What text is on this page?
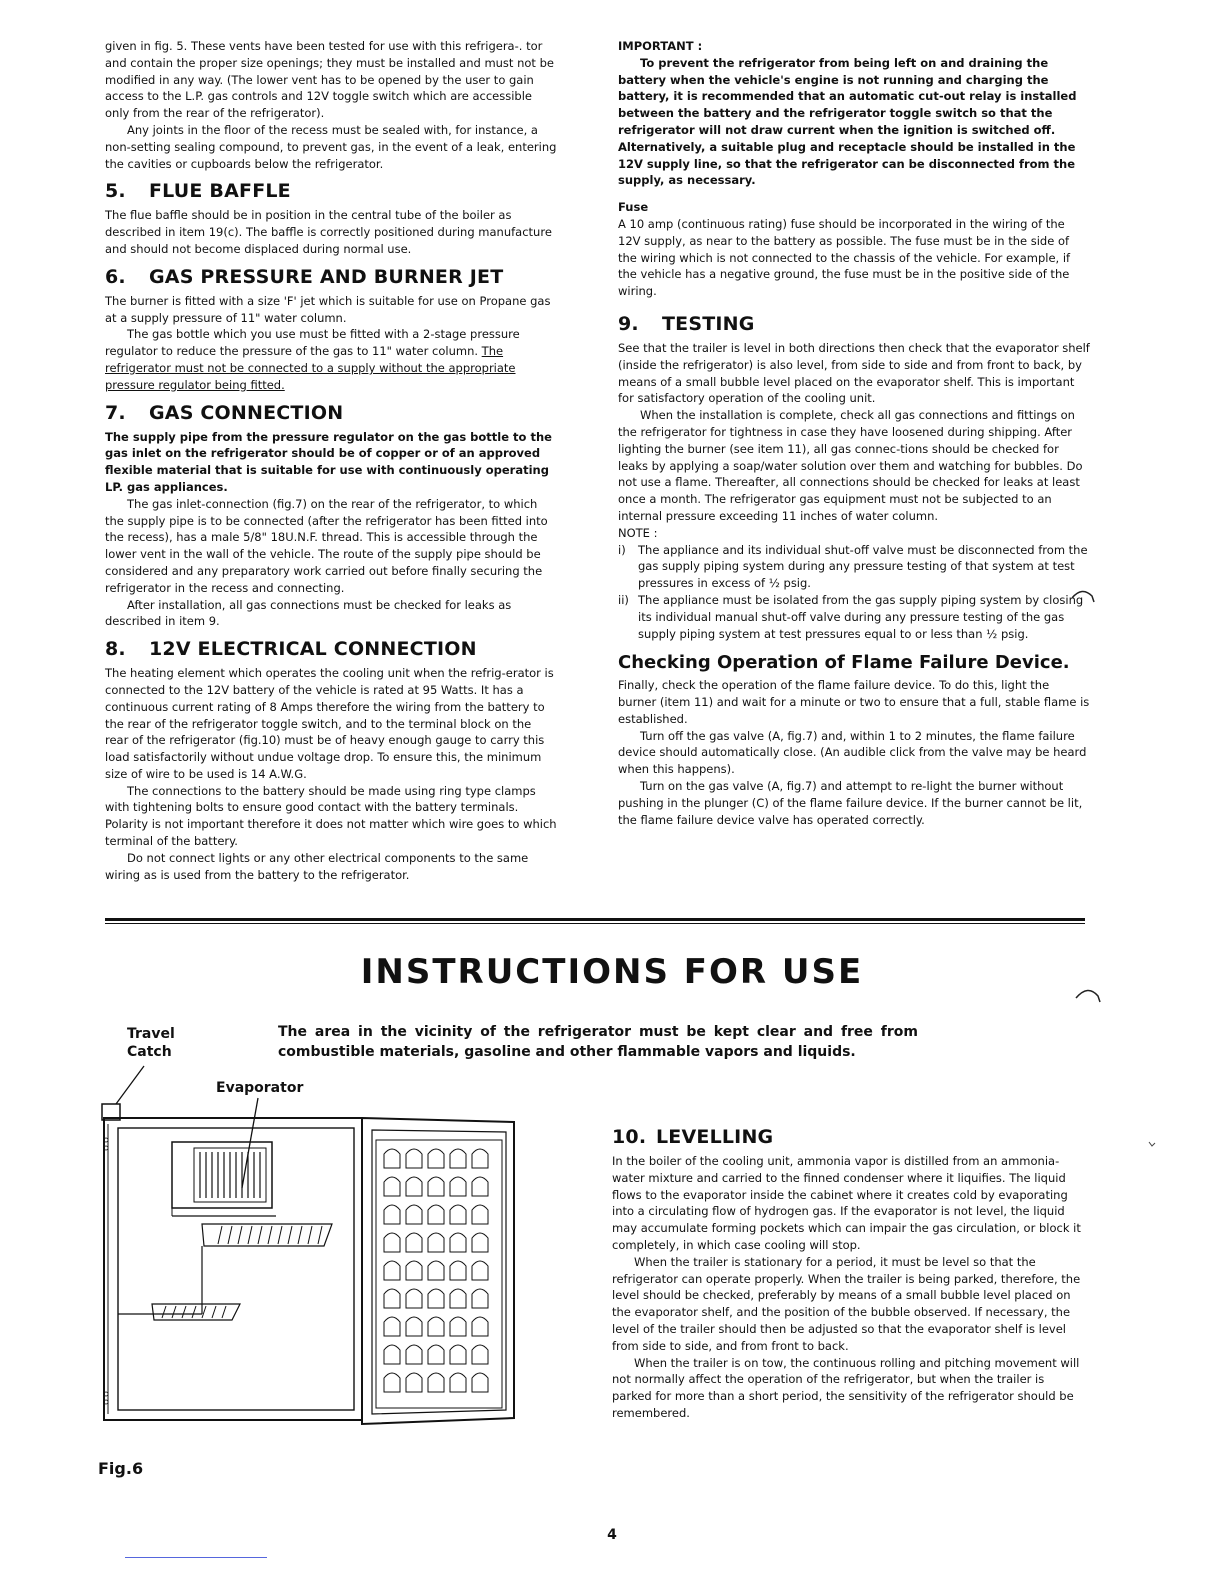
given in fig. 5. These vents have been tested for use with this refrigera-. tor and contain the proper size openings; they must be installed and must not be modified in any way. (The lower vent has to be opened by the user to gain access to the L.P. gas controls and 12V toggle switch which are accessible only from the rear of the refrigerator).

Any joints in the floor of the recess must be sealed with, for instance, a non-setting sealing compound, to prevent gas, in the event of a leak, entering the cavities or cupboards below the refrigerator.

5. FLUE BAFFLE

The flue baffle should be in position in the central tube of the boiler as described in item 19(c). The baffle is correctly positioned during manufacture and should not become displaced during normal use.

6. GAS PRESSURE AND BURNER JET

The burner is fitted with a size 'F' jet which is suitable for use on Propane gas at a supply pressure of 11" water column.

The gas bottle which you use must be fitted with a 2-stage pressure regulator to reduce the pressure of the gas to 11" water column. The refrigerator must not be connected to a supply without the appropriate pressure regulator being fitted.

7. GAS CONNECTION

The supply pipe from the pressure regulator on the gas bottle to the gas inlet on the refrigerator should be of copper or of an approved flexible material that is suitable for use with continuously operating LP. gas appliances.

The gas inlet-connection (fig.7) on the rear of the refrigerator, to which the supply pipe is to be connected (after the refrigerator has been fitted into the recess), has a male 5/8" 18U.N.F. thread. This is accessible through the lower vent in the wall of the vehicle. The route of the supply pipe should be considered and any preparatory work carried out before finally securing the refrigerator in the recess and connecting.

After installation, all gas connections must be checked for leaks as described in item 9.

8. 12V ELECTRICAL CONNECTION

The heating element which operates the cooling unit when the refrig-erator is connected to the 12V battery of the vehicle is rated at 95 Watts. It has a continuous current rating of 8 Amps therefore the wiring from the battery to the rear of the refrigerator toggle switch, and to the terminal block on the rear of the refrigerator (fig.10) must be of heavy enough gauge to carry this load satisfactorily without undue voltage drop. To ensure this, the minimum size of wire to be used is 14 A.W.G.

The connections to the battery should be made using ring type clamps with tightening bolts to ensure good contact with the battery terminals. Polarity is not important therefore it does not matter which wire goes to which terminal of the battery.

Do not connect lights or any other electrical components to the same wiring as is used from the battery to the refrigerator.

IMPORTANT :

To prevent the refrigerator from being left on and draining the battery when the vehicle's engine is not running and charging the battery, it is recommended that an automatic cut-out relay is installed between the battery and the refrigerator toggle switch so that the refrigerator will not draw current when the ignition is switched off. Alternatively, a suitable plug and receptacle should be installed in the 12V supply line, so that the refrigerator can be disconnected from the supply, as necessary.

Fuse

A 10 amp (continuous rating) fuse should be incorporated in the wiring of the 12V supply, as near to the battery as possible. The fuse must be in the side of the wiring which is not connected to the chassis of the vehicle. For example, if the vehicle has a negative ground, the fuse must be in the positive side of the wiring.

9. TESTING

See that the trailer is level in both directions then check that the evaporator shelf (inside the refrigerator) is also level, from side to side and from front to back, by means of a small bubble level placed on the evaporator shelf. This is important for satisfactory operation of the cooling unit.

When the installation is complete, check all gas connections and fittings on the refrigerator for tightness in case they have loosened during shipping. After lighting the burner (see item 11), all gas connec-tions should be checked for leaks by applying a soap/water solution over them and watching for bubbles. Do not use a flame. Thereafter, all connections should be checked for leaks at least once a month. The refrigerator gas equipment must not be subjected to an internal pressure exceeding 11 inches of water column.

NOTE :

i)	The appliance and its individual shut-off valve must be disconnected from the gas supply piping system during any pressure testing of that system at test pressures in excess of ½ psig.
ii) The appliance must be isolated from the gas supply piping system by closing its individual manual shut-off valve during any pressure testing of the gas supply piping system at test pressures equal to or less than ½ psig.
Checking Operation of Flame Failure Device.

Finally, check the operation of the flame failure device. To do this, light the burner (item 11) and wait for a minute or two to ensure that a full, stable flame is established.

Turn off the gas valve (A, fig.7) and, within 1 to 2 minutes, the flame failure device should automatically close. (An audible click from the valve may be heard when this happens).

Turn on the gas valve (A, fig.7) and attempt to re-light the burner without pushing in the plunger (C) of the flame failure device. If the burner cannot be lit, the flame failure device valve has operated correctly.

INSTRUCTIONS FOR USE
Travel
Catch
The area in the vicinity of the refrigerator must be kept clear and free from combustible materials, gasoline and other flammable vapors and liquids.
Evaporator
Fig.6
10. LEVELLING

In the boiler of the cooling unit, ammonia vapor is distilled from an ammonia-water mixture and carried to the finned condenser where it liquifies. The liquid flows to the evaporator inside the cabinet where it creates cold by evaporating into a circulating flow of hydrogen gas. If the evaporator is not level, the liquid may accumulate forming pockets which can impair the gas circulation, or block it completely, in which case cooling will stop.

When the trailer is stationary for a period, it must be level so that the refrigerator can operate properly. When the trailer is being parked, therefore, the level should be checked, preferably by means of a small bubble level placed on the evaporator shelf, and the position of the bubble observed. If necessary, the level of the trailer should then be adjusted so that the evaporator shelf is level from side to side, and from front to back.

When the trailer is on tow, the continuous rolling and pitching movement will not normally affect the operation of the refrigerator, but when the trailer is parked for more than a short period, the sensitivity of the refrigerator should be remembered.

4
